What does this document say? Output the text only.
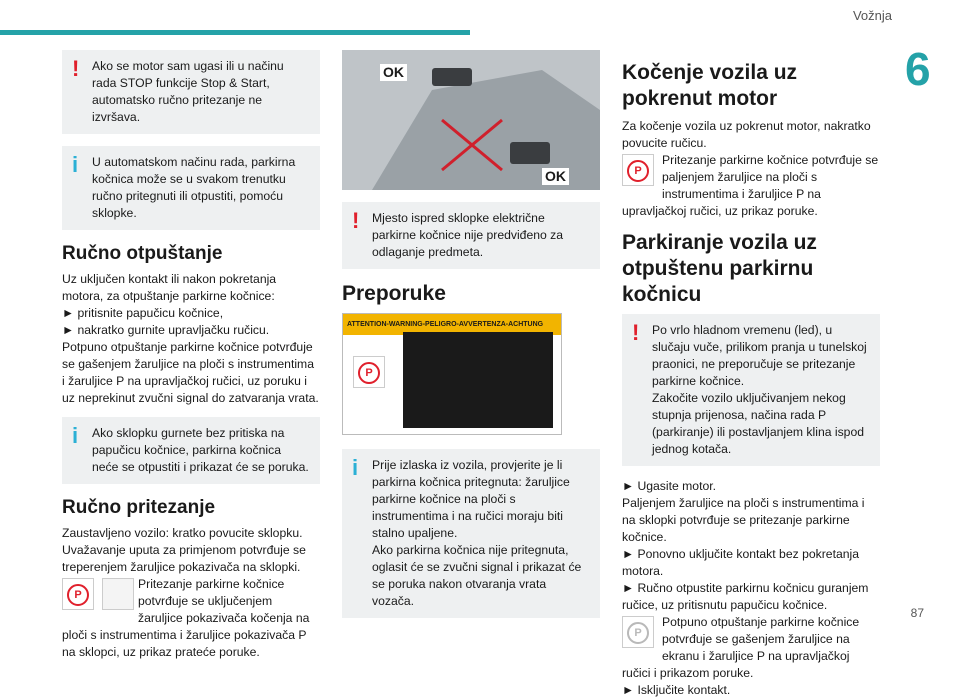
Vožnja
6
87
!	Ako se motor sam ugasi ili u načinu rada STOP funkcije Stop & Start, automatsko ručno pritezanje ne izvršava.

i	U automatskom načinu rada, parkirna kočnica može se u svakom trenutku ručno pritegnuti ili otpustiti, pomoću sklopke.

Ručno otpuštanje

Uz uključen kontakt ili nakon pokretanja motora, za otpuštanje parkirne kočnice:
► pritisnite papučicu kočnice,
► nakratko gurnite upravljačku ručicu.
Potpuno otpuštanje parkirne kočnice potvrđuje se gašenjem žaruljice na ploči s instrumentima i žaruljice P na upravljačkoj ručici, uz poruku i uz neprekinut zvučni signal do zatvaranja vrata.

i	Ako sklopku gurnete bez pritiska na papučicu kočnice, parkirna kočnica neće se otpustiti i prikazat će se poruka.

Ručno pritezanje

Zaustavljeno vozilo: kratko povucite sklopku. Uvažavanje uputa za primjenom potvrđuje se treperenjem žaruljice pokazivača na sklopki.

P

Pritezanje parkirne kočnice potvrđuje se uključenjem žaruljice pokazivača kočenja na ploči s instrumentima i žaruljice pokazivača P na sklopci, uz prikaz prateće poruke.

OK
OK
!	Mjesto ispred sklopke električne parkirne kočnice nije predviđeno za odlaganje predmeta.

Preporuke
ATTENTION-WARNING-PELIGRO-AVVERTENZA-ACHTUNG
P
i	Prije izlaska iz vozila, provjerite je li parkirna kočnica pritegnuta: žaruljice parkirne kočnice na ploči s instrumentima i na ručici moraju biti stalno upaljene.
Ako parkirna kočnica nije pritegnuta, oglasit će se zvučni signal i prikazat će se poruka nakon otvaranja vrata vozača.

Kočenje vozila uz pokrenut motor

Za kočenje vozila uz pokrenut motor, nakratko povucite ručicu.

P

Pritezanje parkirne kočnice potvrđuje se paljenjem žaruljice na ploči s instrumentima i žaruljice P na upravljačkoj ručici, uz prikaz poruke.

Parkiranje vozila uz otpuštenu parkirnu kočnicu
!	Po vrlo hladnom vremenu (led), u slučaju vuče, prilikom pranja u tunelskoj praonici, ne preporučuje se pritezanje parkirne kočnice.
Zakočite vozilo uključivanjem nekog stupnja prijenosa, načina rada P (parkiranje) ili postavljanjem klina ispod jednog kotača.

► Ugasite motor.
Paljenjem žaruljice na ploči s instrumentima i na sklopki potvrđuje se pritezanje parkirne kočnice.
► Ponovno uključite kontakt bez pokretanja motora.
► Ručno otpustite parkirnu kočnicu guranjem ručice, uz pritisnutu papučicu kočnice.

P

Potpuno otpuštanje parkirne kočnice potvrđuje se gašenjem žaruljice na ekranu i žaruljice P na upravljačkoj ručici i prikazom poruke.
► Isključite kontakt.
